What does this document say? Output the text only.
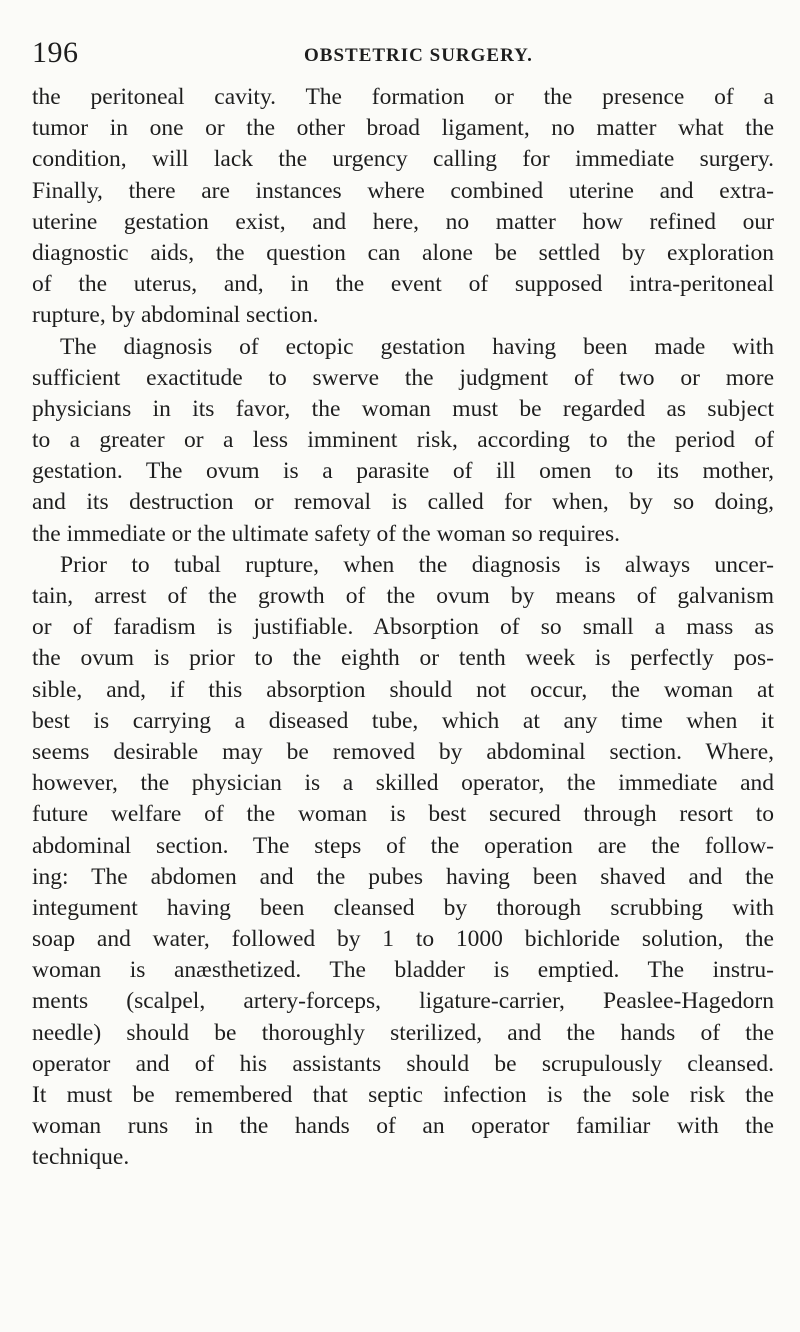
196	OBSTETRIC SURGERY.
the peritoneal cavity. The formation or the presence of a
tumor in one or the other broad ligament, no matter what the
condition, will lack the urgency calling for immediate surgery.
Finally, there are instances where combined uterine and extra-
uterine gestation exist, and here, no matter how refined our
diagnostic aids, the question can alone be settled by exploration
of the uterus, and, in the event of supposed intra-peritoneal
rupture, by abdominal section.
The diagnosis of ectopic gestation having been made with
sufficient exactitude to swerve the judgment of two or more
physicians in its favor, the woman must be regarded as subject
to a greater or a less imminent risk, according to the period of
gestation. The ovum is a parasite of ill omen to its mother,
and its destruction or removal is called for when, by so doing,
the immediate or the ultimate safety of the woman so requires.
Prior to tubal rupture, when the diagnosis is always uncer-
tain, arrest of the growth of the ovum by means of galvanism
or of faradism is justifiable. Absorption of so small a mass as
the ovum is prior to the eighth or tenth week is perfectly pos-
sible, and, if this absorption should not occur, the woman at
best is carrying a diseased tube, which at any time when it
seems desirable may be removed by abdominal section. Where,
however, the physician is a skilled operator, the immediate and
future welfare of the woman is best secured through resort to
abdominal section. The steps of the operation are the follow-
ing: The abdomen and the pubes having been shaved and the
integument having been cleansed by thorough scrubbing with
soap and water, followed by 1 to 1000 bichloride solution, the
woman is anæsthetized. The bladder is emptied. The instru-
ments (scalpel, artery-forceps, ligature-carrier, Peaslee-Hagedorn
needle) should be thoroughly sterilized, and the hands of the
operator and of his assistants should be scrupulously cleansed.
It must be remembered that septic infection is the sole risk the
woman runs in the hands of an operator familiar with the
technique.
